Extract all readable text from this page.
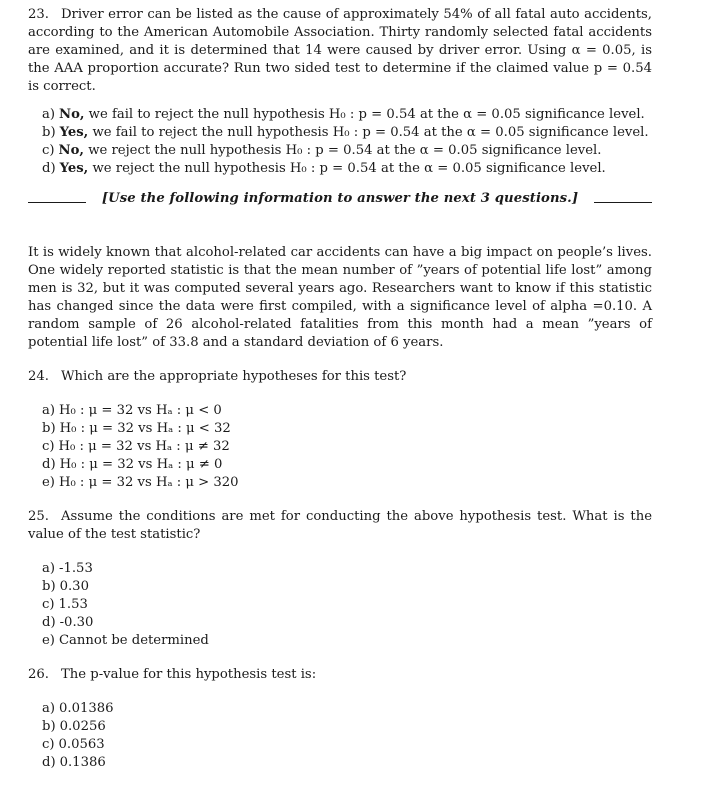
23. Driver error can be listed as the cause of approximately 54% of all fatal auto accidents, according to the American Automobile Association. Thirty randomly selected fatal accidents are examined, and it is determined that 14 were caused by driver error. Using α = 0.05, is the AAA proportion accurate? Run two sided test to determine if the claimed value p = 0.54 is correct.

a) No, we fail to reject the null hypothesis H₀ : p = 0.54 at the α = 0.05 significance level.
b) Yes, we fail to reject the null hypothesis H₀ : p = 0.54 at the α = 0.05 significance level.
c) No, we reject the null hypothesis H₀ : p = 0.54 at the α = 0.05 significance level.
d) Yes, we reject the null hypothesis H₀ : p = 0.54 at the α = 0.05 significance level.
[Use the following information to answer the next 3 questions.]

It is widely known that alcohol-related car accidents can have a big impact on people’s lives. One widely reported statistic is that the mean number of ”years of potential life lost” among men is 32, but it was computed several years ago. Researchers want to know if this statistic has changed since the data were first compiled, with a significance level of alpha =0.10. A random sample of 26 alcohol-related fatalities from this month had a mean ”years of potential life lost” of 33.8 and a standard deviation of 6 years.

24. Which are the appropriate hypotheses for this test?

a) H₀ : μ = 32 vs Hₐ : μ < 0
b) H₀ : μ = 32 vs Hₐ : μ < 32
c) H₀ : μ = 32 vs Hₐ : μ ≠ 32
d) H₀ : μ = 32 vs Hₐ : μ ≠ 0
e) H₀ : μ = 32 vs Hₐ : μ > 320

25. Assume the conditions are met for conducting the above hypothesis test. What is the value of the test statistic?

a) -1.53
b) 0.30
c) 1.53
d) -0.30
e) Cannot be determined

26. The p-value for this hypothesis test is:

a) 0.01386
b) 0.0256
c) 0.0563
d) 0.1386
